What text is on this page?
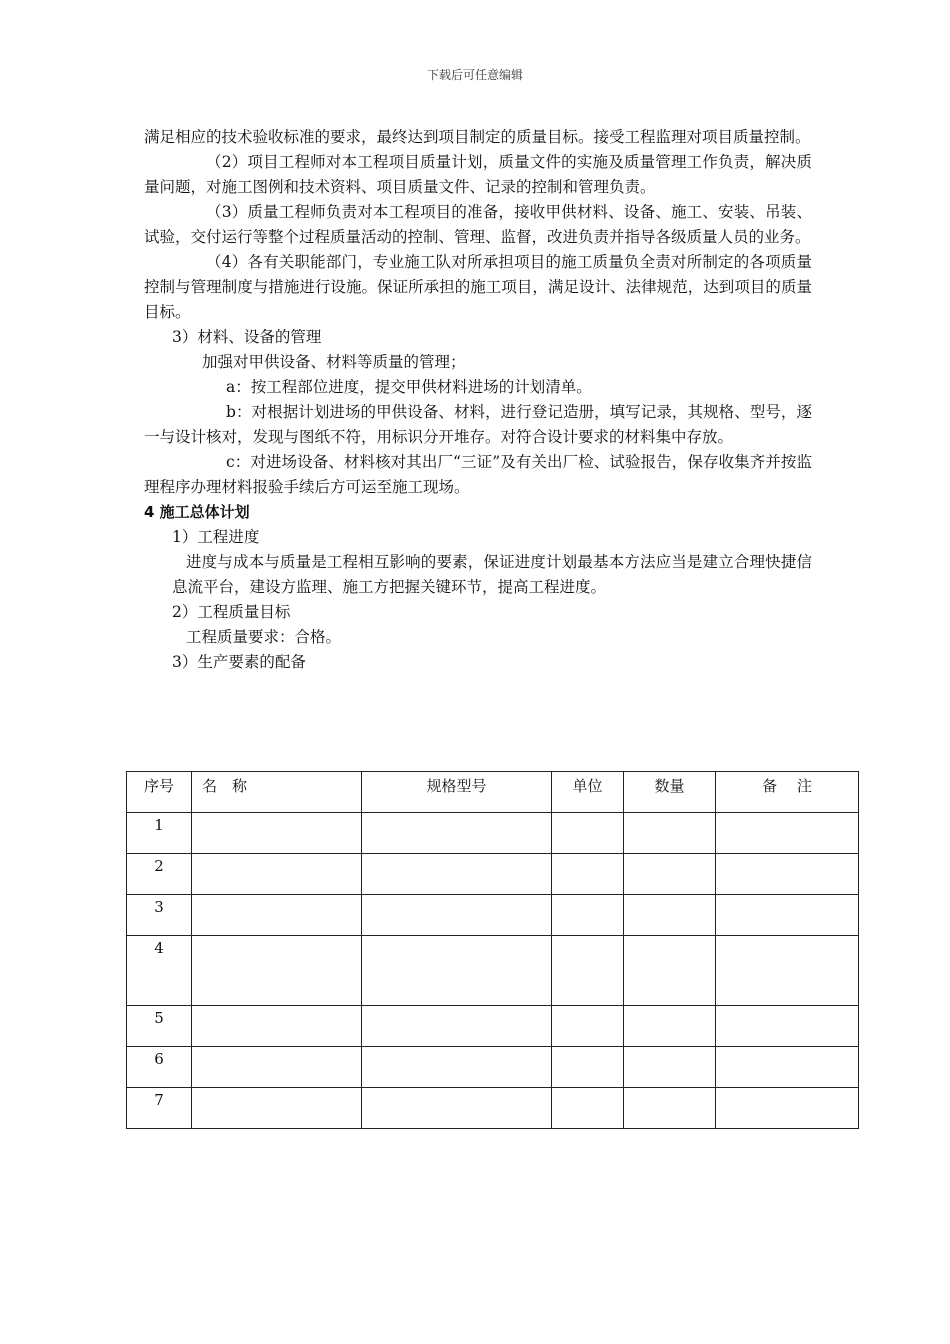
下载后可任意编辑

满足相应的技术验收标准的要求，最终达到项目制定的质量目标。接受工程监理对项目质量控制。

（2）项目工程师对本工程项目质量计划，质量文件的实施及质量管理工作负责，解决质量问题，对施工图例和技术资料、项目质量文件、记录的控制和管理负责。

（3）质量工程师负责对本工程项目的准备，接收甲供材料、设备、施工、安装、吊装、试验，交付运行等整个过程质量活动的控制、管理、监督，改进负责并指导各级质量人员的业务。

（4）各有关职能部门，专业施工队对所承担项目的施工质量负全责对所制定的各项质量控制与管理制度与措施进行设施。保证所承担的施工项目，满足设计、法律规范，达到项目的质量目标。

3）材料、设备的管理

加强对甲供设备、材料等质量的管理；

a：按工程部位进度，提交甲供材料进场的计划清单。

b：对根据计划进场的甲供设备、材料，进行登记造册，填写记录，其规格、型号，逐一与设计核对，发现与图纸不符，用标识分开堆存。对符合设计要求的材料集中存放。

c：对进场设备、材料核对其出厂“三证”及有关出厂检、试验报告，保存收集齐并按监理程序办理材料报验手续后方可运至施工现场。

4 施工总体计划

1）工程进度

进度与成本与质量是工程相互影响的要素，保证进度计划最基本方法应当是建立合理快捷信息流平台，建设方监理、施工方把握关键环节，提高工程进度。

2）工程质量目标

工程质量要求：合格。

3）生产要素的配备

序号	名　称	规格型号	单位	数量	备　 注
1					
2					
3					
4					
5					
6					
7					
